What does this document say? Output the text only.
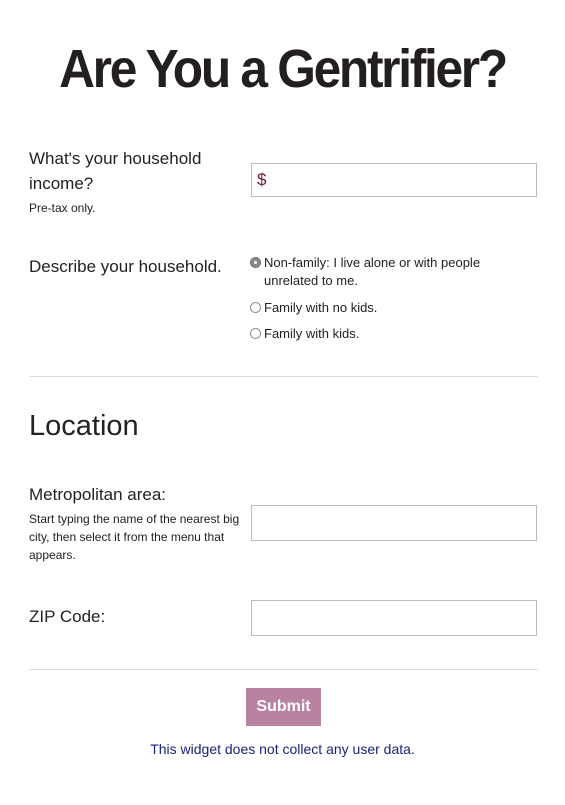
Are You a Gentrifier?
What's your household income?
Pre-tax only.
$
Describe your household.	Non-family: I live alone or with people unrelated to me.
Family with no kids.
Family with kids.
Location
Metropolitan area:
Start typing the name of the nearest big city, then select it from the menu that appears.
ZIP Code:
Submit
This widget does not collect any user data.
